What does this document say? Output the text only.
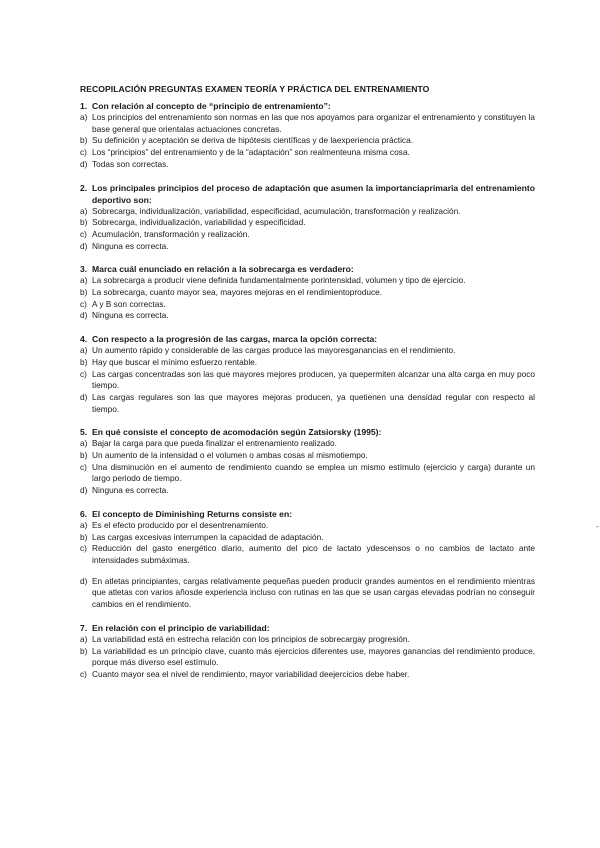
RECOPILACIÓN PREGUNTAS EXAMEN TEORÍA Y PRÁCTICA DEL ENTRENAMIENTO
1. Con relación al concepto de “principio de entrenamiento”:
a) Los principios del entrenamiento son normas en las que nos apoyamos para organizar el entrenamiento y constituyen la base general que orientalas actuaciones concretas.
b) Su definición y aceptación se deriva de hipótesis científicas y de laexperiencia práctica.
c) Los “principios” del entrenamiento y de la “adaptación” son realmenteuna misma cosa.
d) Todas son correctas.
2. Los principales principios del proceso de adaptación que asumen la importanciaprimaria del entrenamiento deportivo son:
a) Sobrecarga, individualización, variabilidad, especificidad, acumulación, transformación y realización.
b) Sobrecarga, individualización, variabilidad y especificidad.
c) Acumulación, transformación y realización.
d) Ninguna es correcta.
3. Marca cuál enunciado en relación a la sobrecarga es verdadero:
a) La sobrecarga a producir viene definida fundamentalmente porintensidad, volumen y tipo de ejercicio.
b) La sobrecarga, cuanto mayor sea, mayores mejoras en el rendimientoproduce.
c) A y B son correctas.
d) Ninguna es correcta.
4. Con respecto a la progresión de las cargas, marca la opción correcta:
a) Un aumento rápido y considerable de las cargas produce las mayoresganancias en el rendimiento.
b) Hay que buscar el mínimo esfuerzo rentable.
c) Las cargas concentradas son las que mayores mejores producen, ya quepermiten alcanzar una alta carga en muy poco tiempo.
d) Las cargas regulares son las que mayores mejoras producen, ya quetienen una densidad regular con respecto al tiempo.
5. En qué consiste el concepto de acomodación según Zatsiorsky (1995):
a) Bajar la carga para que pueda finalizar el entrenamiento realizado.
b) Un aumento de la intensidad o el volumen o ambas cosas al mismotiempo.
c) Una disminución en el aumento de rendimiento cuando se emplea un mismo estímulo (ejercicio y carga) durante un largo periodo de tiempo.
d) Ninguna es correcta.
6. El concepto de Diminishing Returns consiste en:
a) Es el efecto producido por el desentrenamiento.
b) Las cargas excesivas interrumpen la capacidad de adaptación.
c) Reducción del gasto energético diario, aumento del pico de lactato ydescensos o no cambios de lactato ante intensidades submáximas.
d) En atletas principiantes, cargas relativamente pequeñas pueden producir grandes aumentos en el rendimiento mientras que atletas con varios añosde experiencia incluso con rutinas en las que se usan cargas elevadas podrían no conseguir cambios en el rendimiento.
7. En relación con el principio de variabilidad:
a) La variabilidad está en estrecha relación con los principios de sobrecargay progresión.
b) La variabilidad es un principio clave, cuanto más ejercicios diferentes use, mayores ganancias del rendimiento produce, porque más diverso esel estímulo.
c) Cuanto mayor sea el nivel de rendimiento, mayor variabilidad deejercicios debe haber.
-
